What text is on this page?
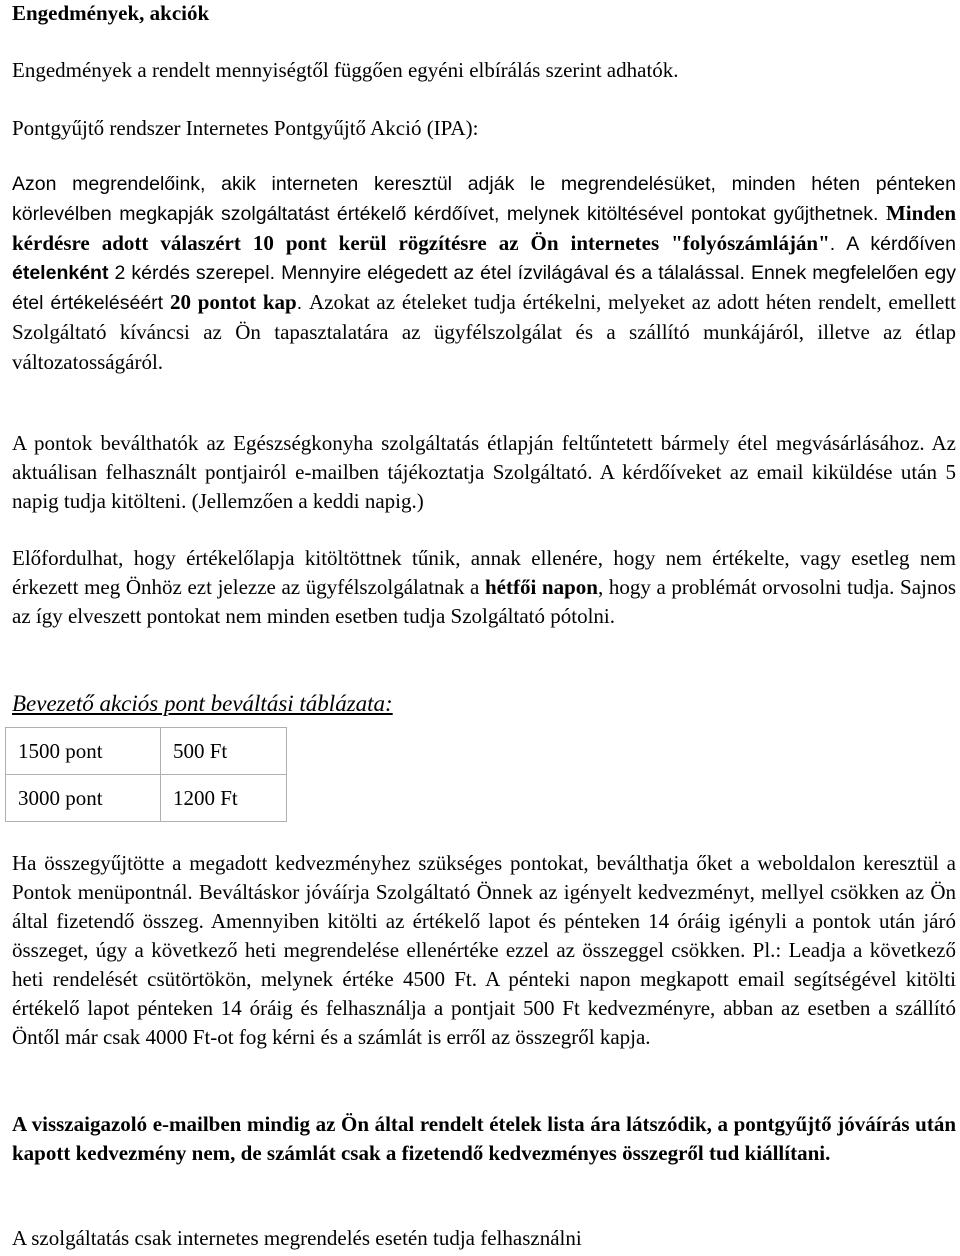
Engedmények, akciók
Engedmények a rendelt mennyiségtől függően egyéni elbírálás szerint adhatók.
Pontgyűjtő rendszer Internetes Pontgyűjtő Akció (IPA):
Azon megrendelőink, akik interneten keresztül adják le megrendelésüket, minden héten pénteken körlevélben megkapják szolgáltatást értékelő kérdőívet, melynek kitöltésével pontokat gyűjthetnek. Minden kérdésre adott válaszért 10 pont kerül rögzítésre az Ön internetes "folyószámláján". A kérdőíven ételenként 2 kérdés szerepel. Mennyire elégedett az étel ízvilágával és a tálalással. Ennek megfelelően egy étel értékeléséért 20 pontot kap. Azokat az ételeket tudja értékelni, melyeket az adott héten rendelt, emellett Szolgáltató kíváncsi az Ön tapasztalatára az ügyfélszolgálat és a szállító munkájáról, illetve az étlap változatosságáról.
A pontok beválthatók az Egészségkonyha szolgáltatás étlapján feltűntetett bármely étel megvásárlásához. Az aktuálisan felhasznált pontjairól e-mailben tájékoztatja Szolgáltató. A kérdőíveket az email kiküldése után 5 napig tudja kitölteni. (Jellemzően a keddi napig.)
Előfordulhat, hogy értékelőlapja kitöltöttnek tűnik, annak ellenére, hogy nem értékelte, vagy esetleg nem érkezett meg Önhöz ezt jelezze az ügyfélszolgálatnak a hétfői napon, hogy a problémát orvosolni tudja. Sajnos az így elveszett pontokat nem minden esetben tudja Szolgáltató pótolni.
Bevezető akciós pont beváltási táblázata:
1500 pont	500 Ft
3000 pont	1200 Ft
Ha összegyűjtötte a megadott kedvezményhez szükséges pontokat, beválthatja őket a weboldalon keresztül a Pontok menüpontnál. Beváltáskor jóváírja Szolgáltató Önnek az igényelt kedvezményt, mellyel csökken az Ön által fizetendő összeg. Amennyiben kitölti az értékelő lapot és pénteken 14 óráig igényli a pontok után járó összeget, úgy a következő heti megrendelése ellenértéke ezzel az összeggel csökken. Pl.: Leadja a következő heti rendelését csütörtökön, melynek értéke 4500 Ft. A pénteki napon megkapott email segítségével kitölti értékelő lapot pénteken 14 óráig és felhasználja a pontjait 500 Ft kedvezményre, abban az esetben a szállító Öntől már csak 4000 Ft-ot fog kérni és a számlát is erről az összegről kapja.
A visszaigazoló e-mailben mindig az Ön által rendelt ételek lista ára látszódik, a pontgyűjtő jóváírás után kapott kedvezmény nem, de számlát csak a fizetendő kedvezményes összegről tud kiállítani.
A szolgáltatás csak internetes megrendelés esetén tudja felhasználni
